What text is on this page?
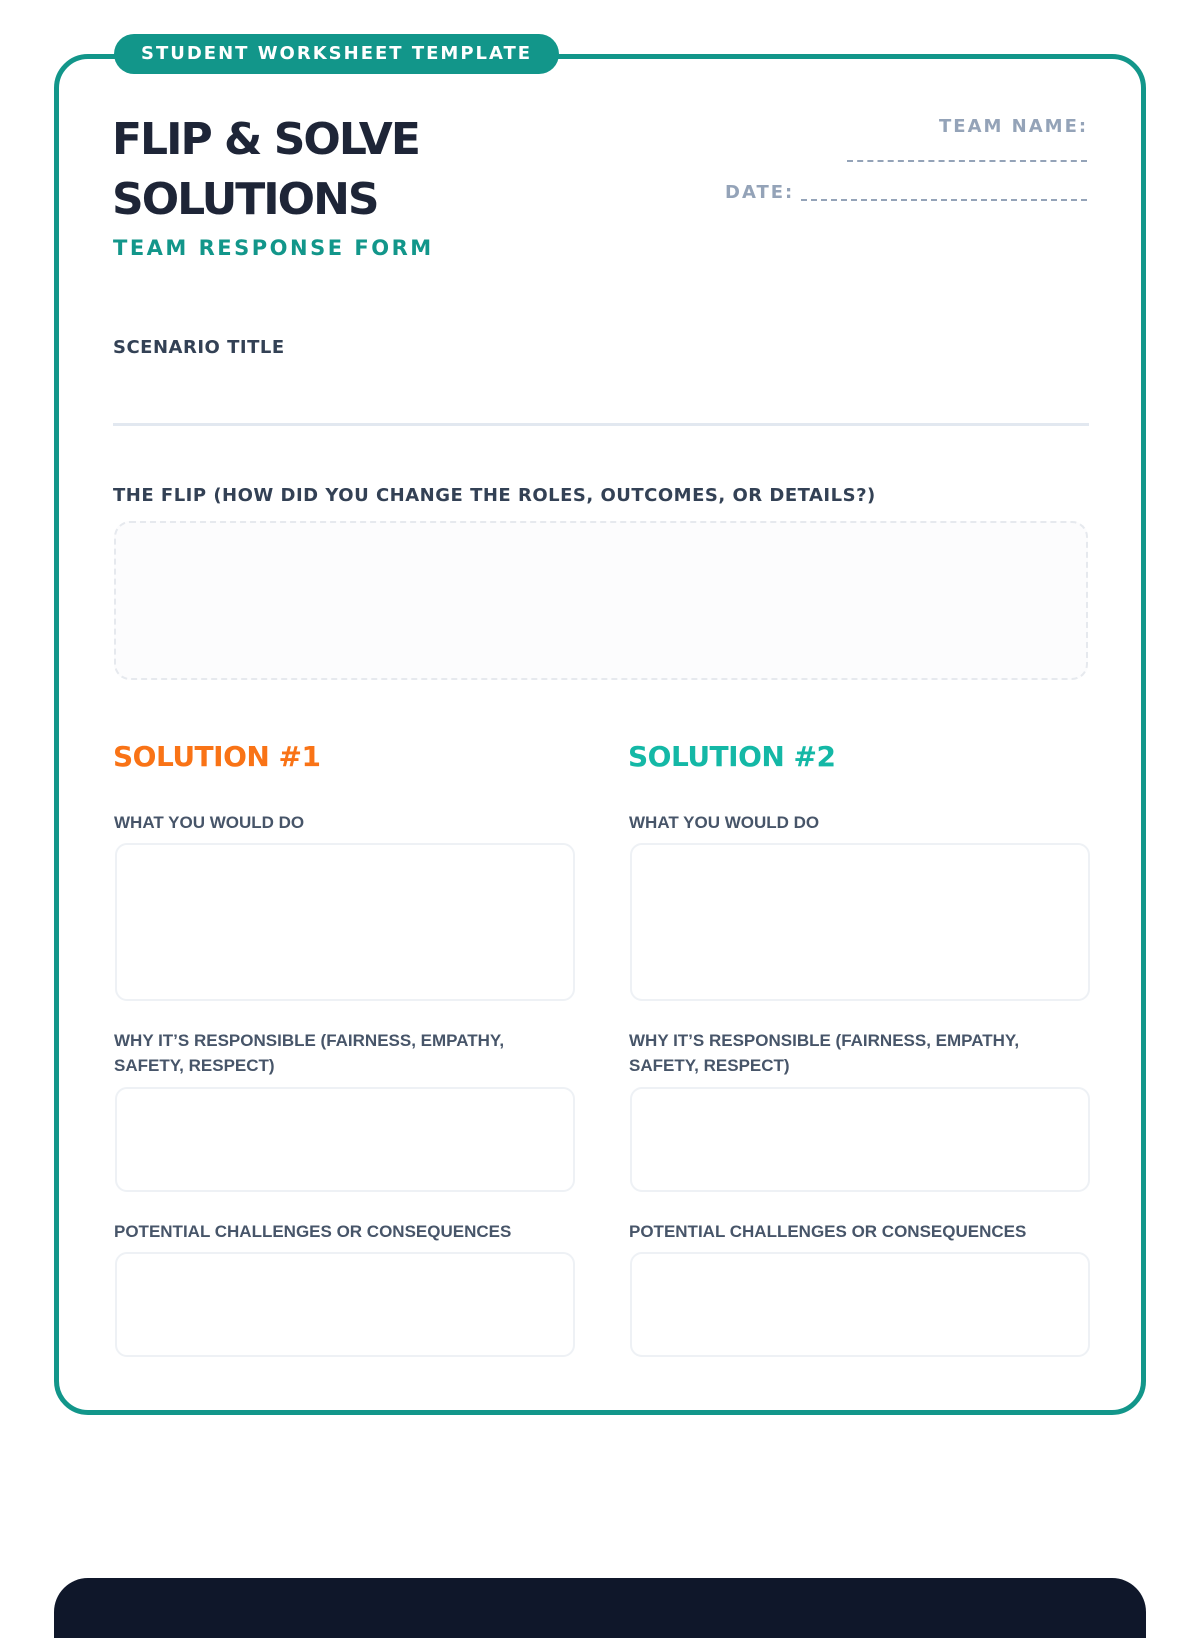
STUDENT WORKSHEET TEMPLATE
FLIP & SOLVE
SOLUTIONS
TEAM RESPONSE FORM
TEAM NAME:
DATE:
SCENARIO TITLE
THE FLIP (HOW DID YOU CHANGE THE ROLES, OUTCOMES, OR DETAILS?)
SOLUTION #1
WHAT YOU WOULD DO
WHY IT’S RESPONSIBLE (FAIRNESS, EMPATHY, SAFETY, RESPECT)
POTENTIAL CHALLENGES OR CONSEQUENCES
SOLUTION #2
WHAT YOU WOULD DO
WHY IT’S RESPONSIBLE (FAIRNESS, EMPATHY, SAFETY, RESPECT)
POTENTIAL CHALLENGES OR CONSEQUENCES
